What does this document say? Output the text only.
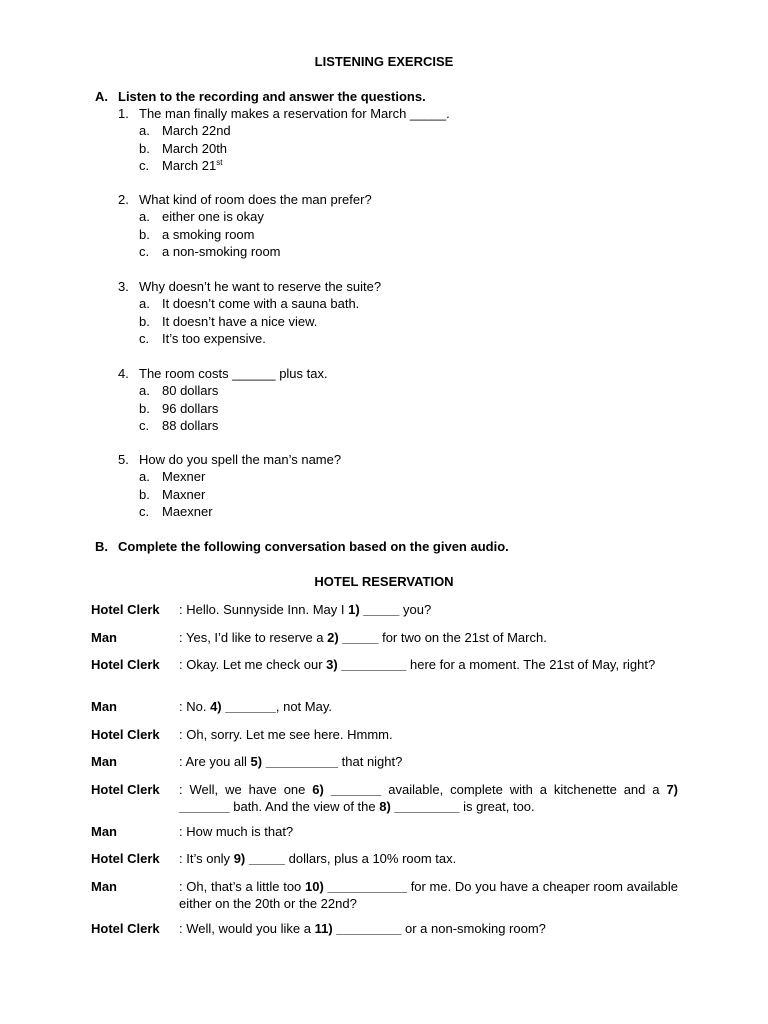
LISTENING EXERCISE
A. Listen to the recording and answer the questions.
1. The man finally makes a reservation for March _____.
a. March 22nd
b. March 20th
c. March 21st
2. What kind of room does the man prefer?
a. either one is okay
b. a smoking room
c. a non-smoking room
3. Why doesn’t he want to reserve the suite?
a. It doesn’t come with a sauna bath.
b. It doesn’t have a nice view.
c. It’s too expensive.
4. The room costs ______ plus tax.
a. 80 dollars
b. 96 dollars
c. 88 dollars
5. How do you spell the man’s name?
a. Mexner
b. Maxner
c. Maexner
B. Complete the following conversation based on the given audio.
HOTEL RESERVATION
Hotel Clerk	: Hello. Sunnyside Inn. May I 1) _____ you?
Man	: Yes, I’d like to reserve a 2) _____ for two on the 21st of March.
Hotel Clerk	: Okay. Let me check our 3) _________ here for a moment. The 21st of May, right?
Man	: No. 4) _______, not May.
Hotel Clerk	: Oh, sorry. Let me see here. Hmmm.
Man	: Are you all 5) __________ that night?
Hotel Clerk	: Well, we have one 6) _______ available, complete with a kitchenette and a 7) _______ bath. And the view of the 8) _________ is great, too.
Man	: How much is that?
Hotel Clerk	: It’s only 9) _____ dollars, plus a 10% room tax.
Man	: Oh, that’s a little too 10) ___________ for me. Do you have a cheaper room available either on the 20th or the 22nd?
Hotel Clerk	: Well, would you like a 11) _________ or a non-smoking room?
